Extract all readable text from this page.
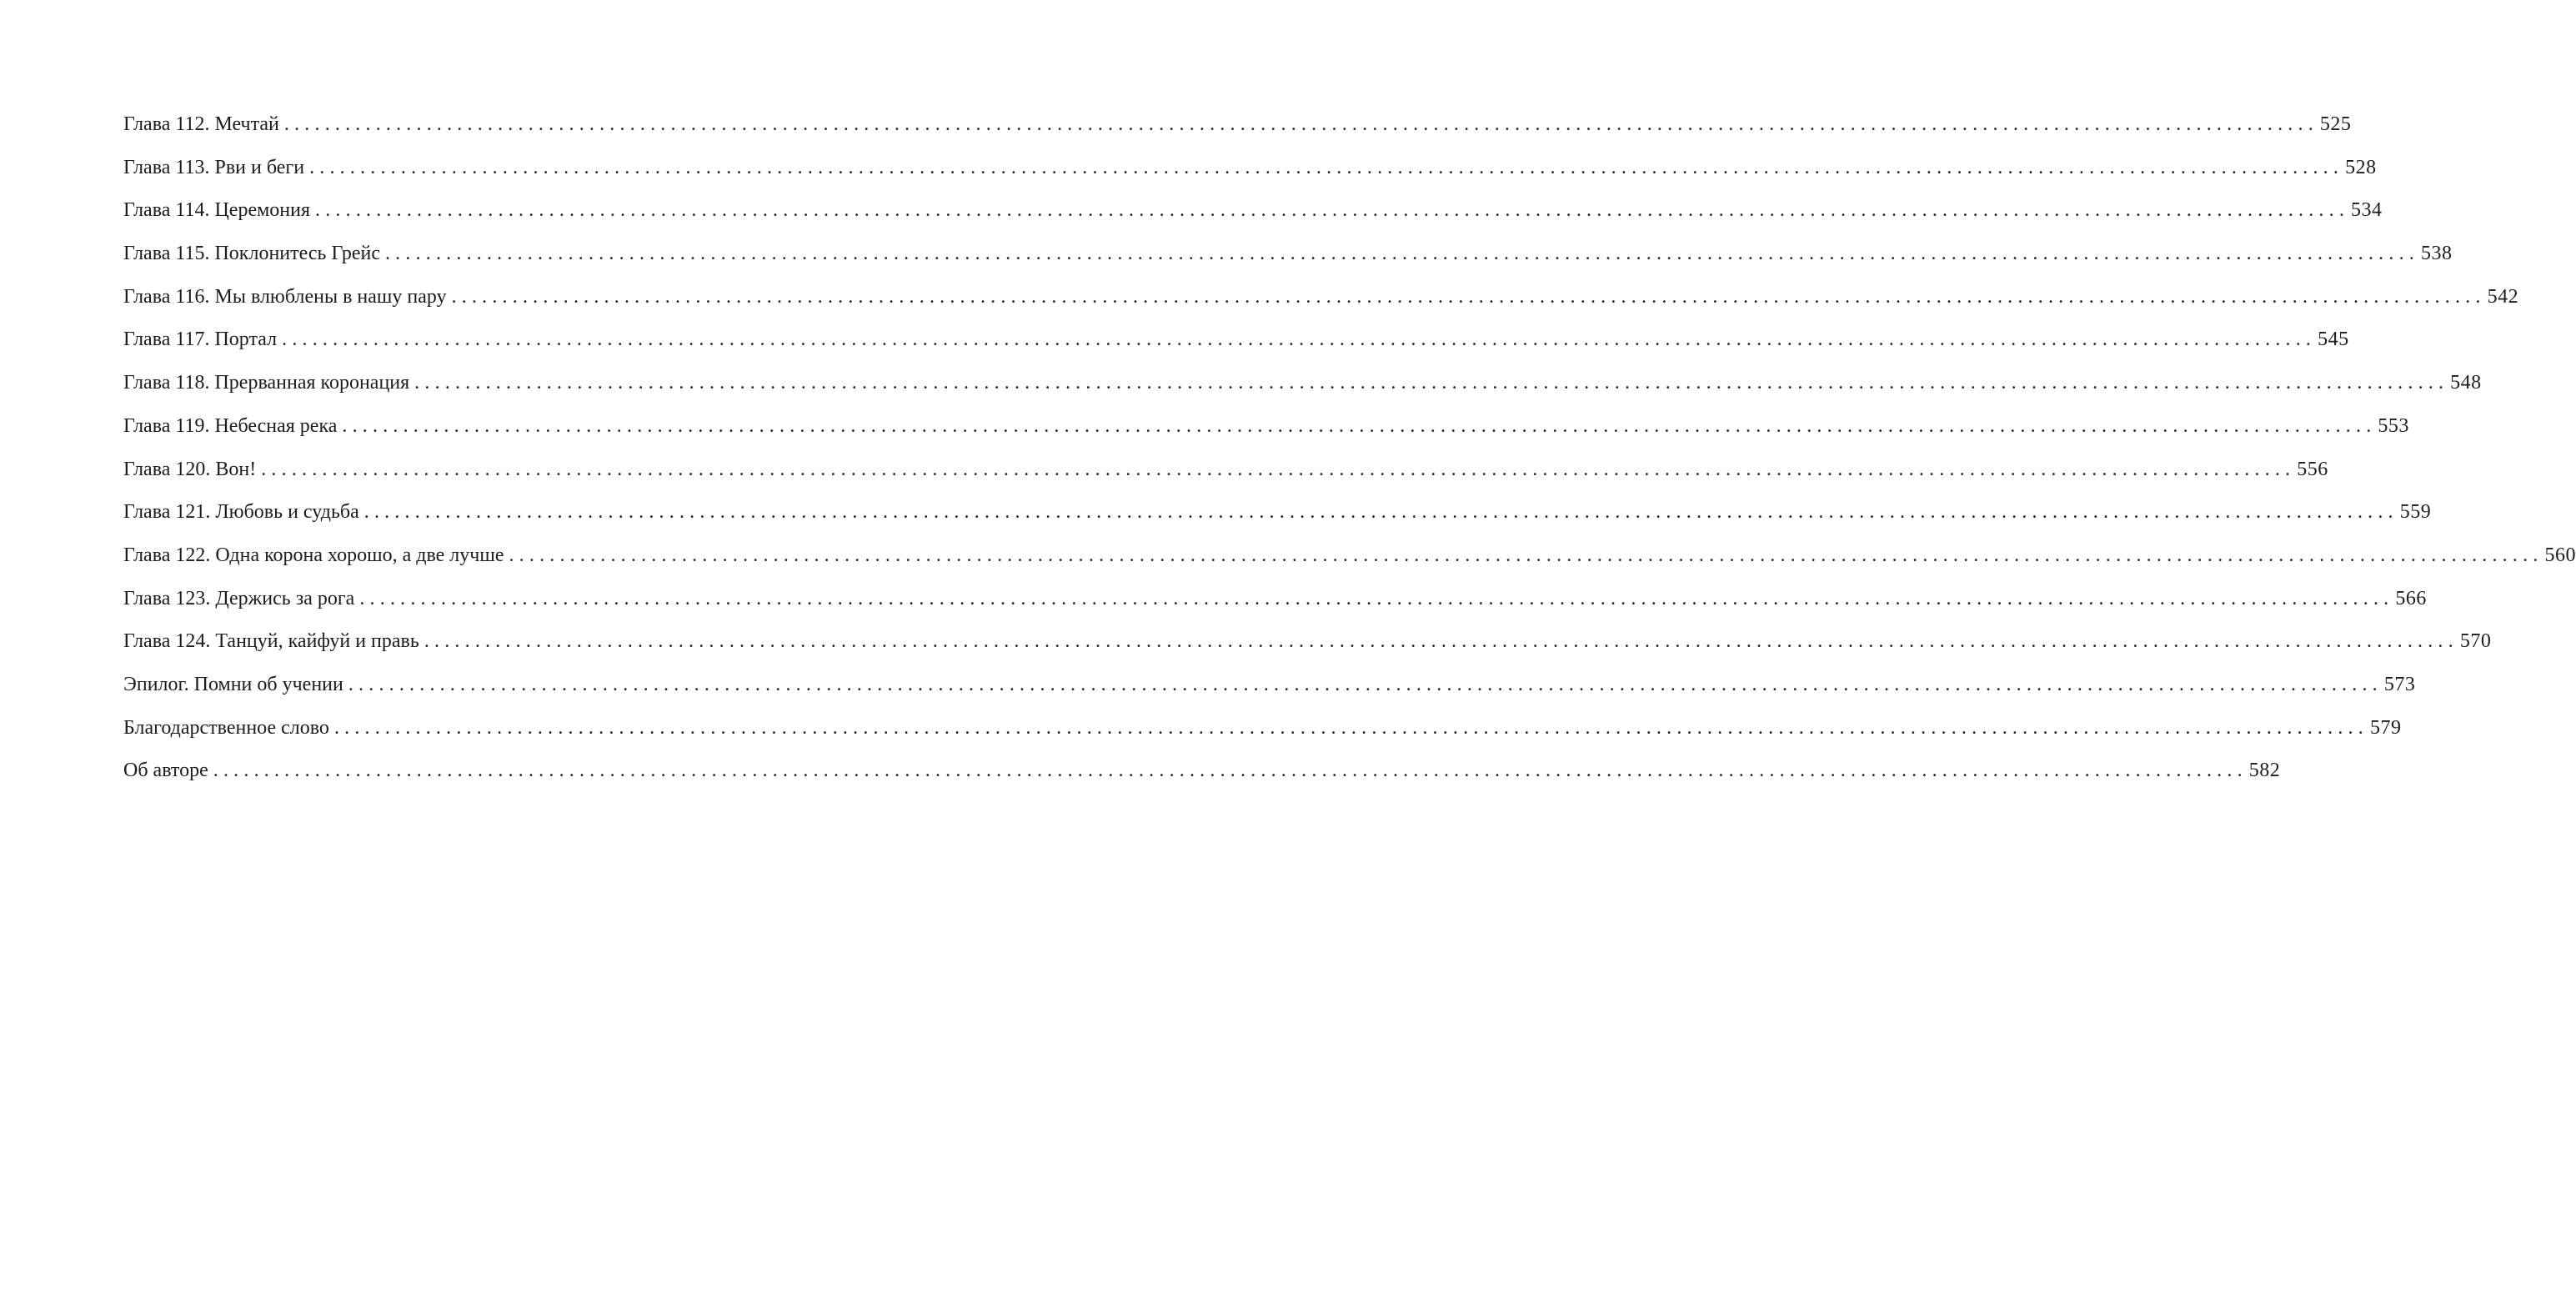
Глава 112. Мечтай ........................................................................................................................................................................................................ 525
Глава 113. Рви и беги ........................................................................................................................................................................................................ 528
Глава 114. Церемония ........................................................................................................................................................................................................ 534
Глава 115. Поклонитесь Грейс ........................................................................................................................................................................................................ 538
Глава 116. Мы влюблены в нашу пару ........................................................................................................................................................................................................ 542
Глава 117. Портал ........................................................................................................................................................................................................ 545
Глава 118. Прерванная коронация ........................................................................................................................................................................................................ 548
Глава 119. Небесная река ........................................................................................................................................................................................................ 553
Глава 120. Вон! ........................................................................................................................................................................................................ 556
Глава 121. Любовь и судьба ........................................................................................................................................................................................................ 559
Глава 122. Одна корона хорошо, а две лучше ........................................................................................................................................................................................................ 560
Глава 123. Держись за рога ........................................................................................................................................................................................................ 566
Глава 124. Танцуй, кайфуй и правь ........................................................................................................................................................................................................ 570
Эпилог. Помни об учении ........................................................................................................................................................................................................ 573
Благодарственное слово ........................................................................................................................................................................................................ 579
Об авторе ........................................................................................................................................................................................................ 582
